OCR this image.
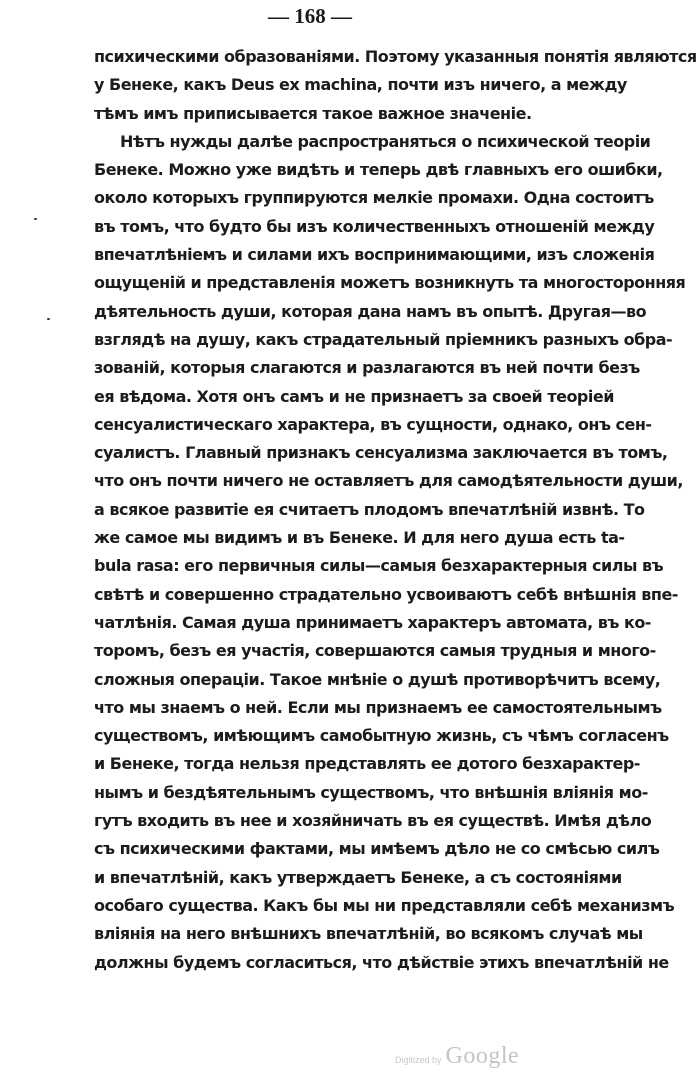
— 168 —
психическими образованіями. Поэтому указанныя понятія являются
у Бенеке, какъ Deus ex machina, почти изъ ничего, а между
тѣмъ имъ приписывается такое важное значеніе.
Нѣтъ нужды далѣе распространяться о психической теоріи
Бенеке. Можно уже видѣть и теперь двѣ главныхъ его ошибки,
около которыхъ группируются мелкіе промахи. Одна состоитъ
въ томъ, что будто бы изъ количественныхъ отношеній между
впечатлѣніемъ и силами ихъ воспринимающими, изъ сложенія
ощущеній и представленія можетъ возникнуть та многосторонняя
дѣятельность души, которая дана намъ въ опытѣ. Другая—во
взглядѣ на душу, какъ страдательный пріемникъ разныхъ обра-
зованій, которыя слагаются и разлагаются въ ней почти безъ
ея вѣдома. Хотя онъ самъ и не признаетъ за своей теоріей
сенсуалистическаго характера, въ сущности, однако, онъ сен-
суалистъ. Главный признакъ сенсуализма заключается въ томъ,
что онъ почти ничего не оставляетъ для самодѣятельности души,
а всякое развитіе ея считаетъ плодомъ впечатлѣній извнѣ. То
же самое мы видимъ и въ Бенеке. И для него душа есть ta-
bula rasa: его первичныя силы—самыя безхарактерныя силы въ
свѣтѣ и совершенно страдательно усвоиваютъ себѣ внѣшнія впе-
чатлѣнія. Самая душа принимаетъ характеръ автомата, въ ко-
торомъ, безъ ея участія, совершаются самыя трудныя и много-
сложныя операціи. Такое мнѣніе о душѣ противорѣчитъ всему,
что мы знаемъ о ней. Если мы признаемъ ее самостоятельнымъ
существомъ, имѣющимъ самобытную жизнь, съ чѣмъ согласенъ
и Бенеке, тогда нельзя представлять ее дотого безхарактер-
нымъ и бездѣятельнымъ существомъ, что внѣшнія вліянія мо-
гутъ входить въ нее и хозяйничать въ ея существѣ. Имѣя дѣло
съ психическими фактами, мы имѣемъ дѣло не со смѣсью силъ
и впечатлѣній, какъ утверждаетъ Бенеке, а съ состояніями
особаго существа. Какъ бы мы ни представляли себѣ механизмъ
вліянія на него внѣшнихъ впечатлѣній, во всякомъ случаѣ мы
должны будемъ согласиться, что дѣйствіе этихъ впечатлѣній не
Digitized by Google
